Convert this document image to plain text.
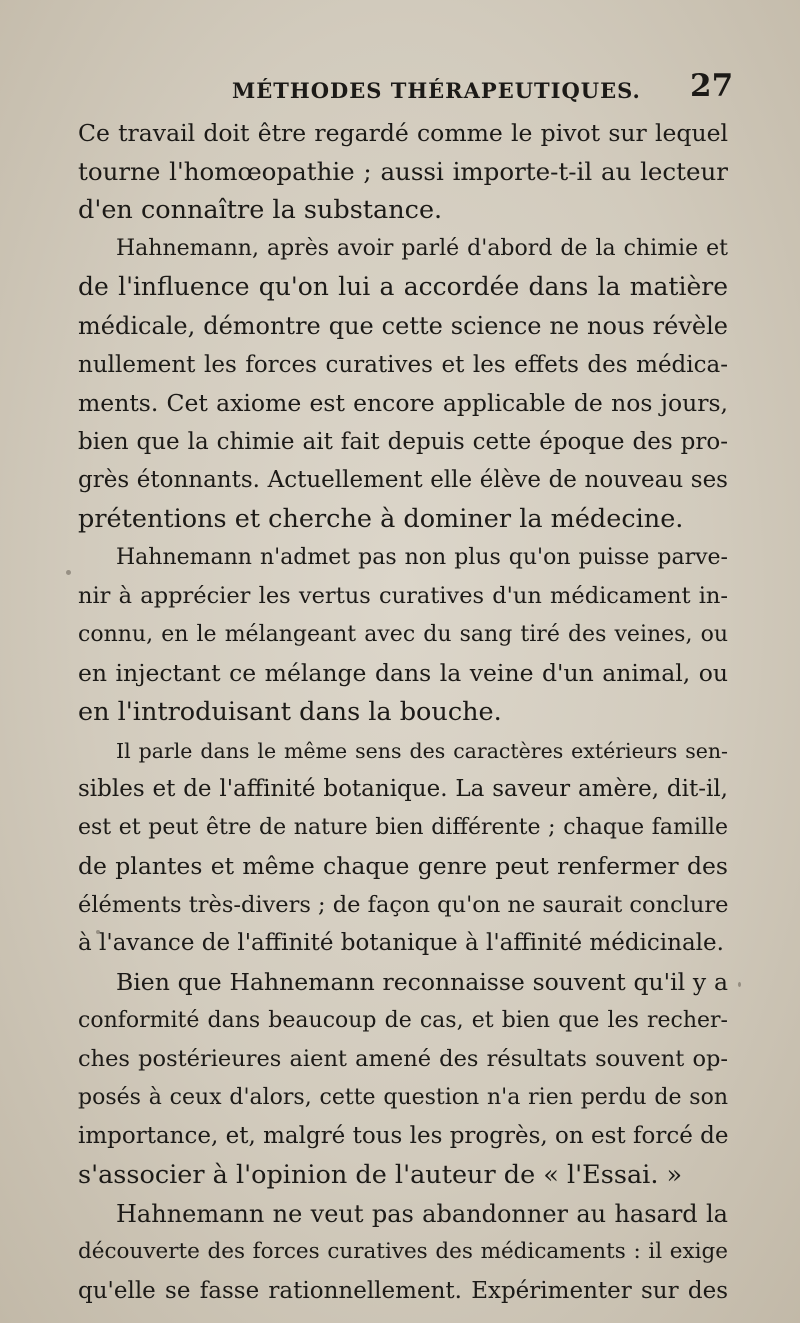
MÉTHODES THÉRAPEUTIQUES. 27
Ce travail doit être regardé comme le pivot sur lequel
tourne l'homœopathie ; aussi importe-t-il au lecteur
d'en connaître la substance.
Hahnemann, après avoir parlé d'abord de la chimie et
de l'influence qu'on lui a accordée dans la matière
médicale, démontre que cette science ne nous révèle
nullement les forces curatives et les effets des médica-
ments. Cet axiome est encore applicable de nos jours,
bien que la chimie ait fait depuis cette époque des pro-
grès étonnants. Actuellement elle élève de nouveau ses
prétentions et cherche à dominer la médecine.
Hahnemann n'admet pas non plus qu'on puisse parve-
nir à apprécier les vertus curatives d'un médicament in-
connu, en le mélangeant avec du sang tiré des veines, ou
en injectant ce mélange dans la veine d'un animal, ou
en l'introduisant dans la bouche.
Il parle dans le même sens des caractères extérieurs sen-
sibles et de l'affinité botanique. La saveur amère, dit-il,
est et peut être de nature bien différente ; chaque famille
de plantes et même chaque genre peut renfermer des
éléments très-divers ; de façon qu'on ne saurait conclure
à l'avance de l'affinité botanique à l'affinité médicinale.
Bien que Hahnemann reconnaisse souvent qu'il y a
conformité dans beaucoup de cas, et bien que les recher-
ches postérieures aient amené des résultats souvent op-
posés à ceux d'alors, cette question n'a rien perdu de son
importance, et, malgré tous les progrès, on est forcé de
s'associer à l'opinion de l'auteur de « l'Essai. »
Hahnemann ne veut pas abandonner au hasard la
découverte des forces curatives des médicaments : il exige
qu'elle se fasse rationnellement. Expérimenter sur des
